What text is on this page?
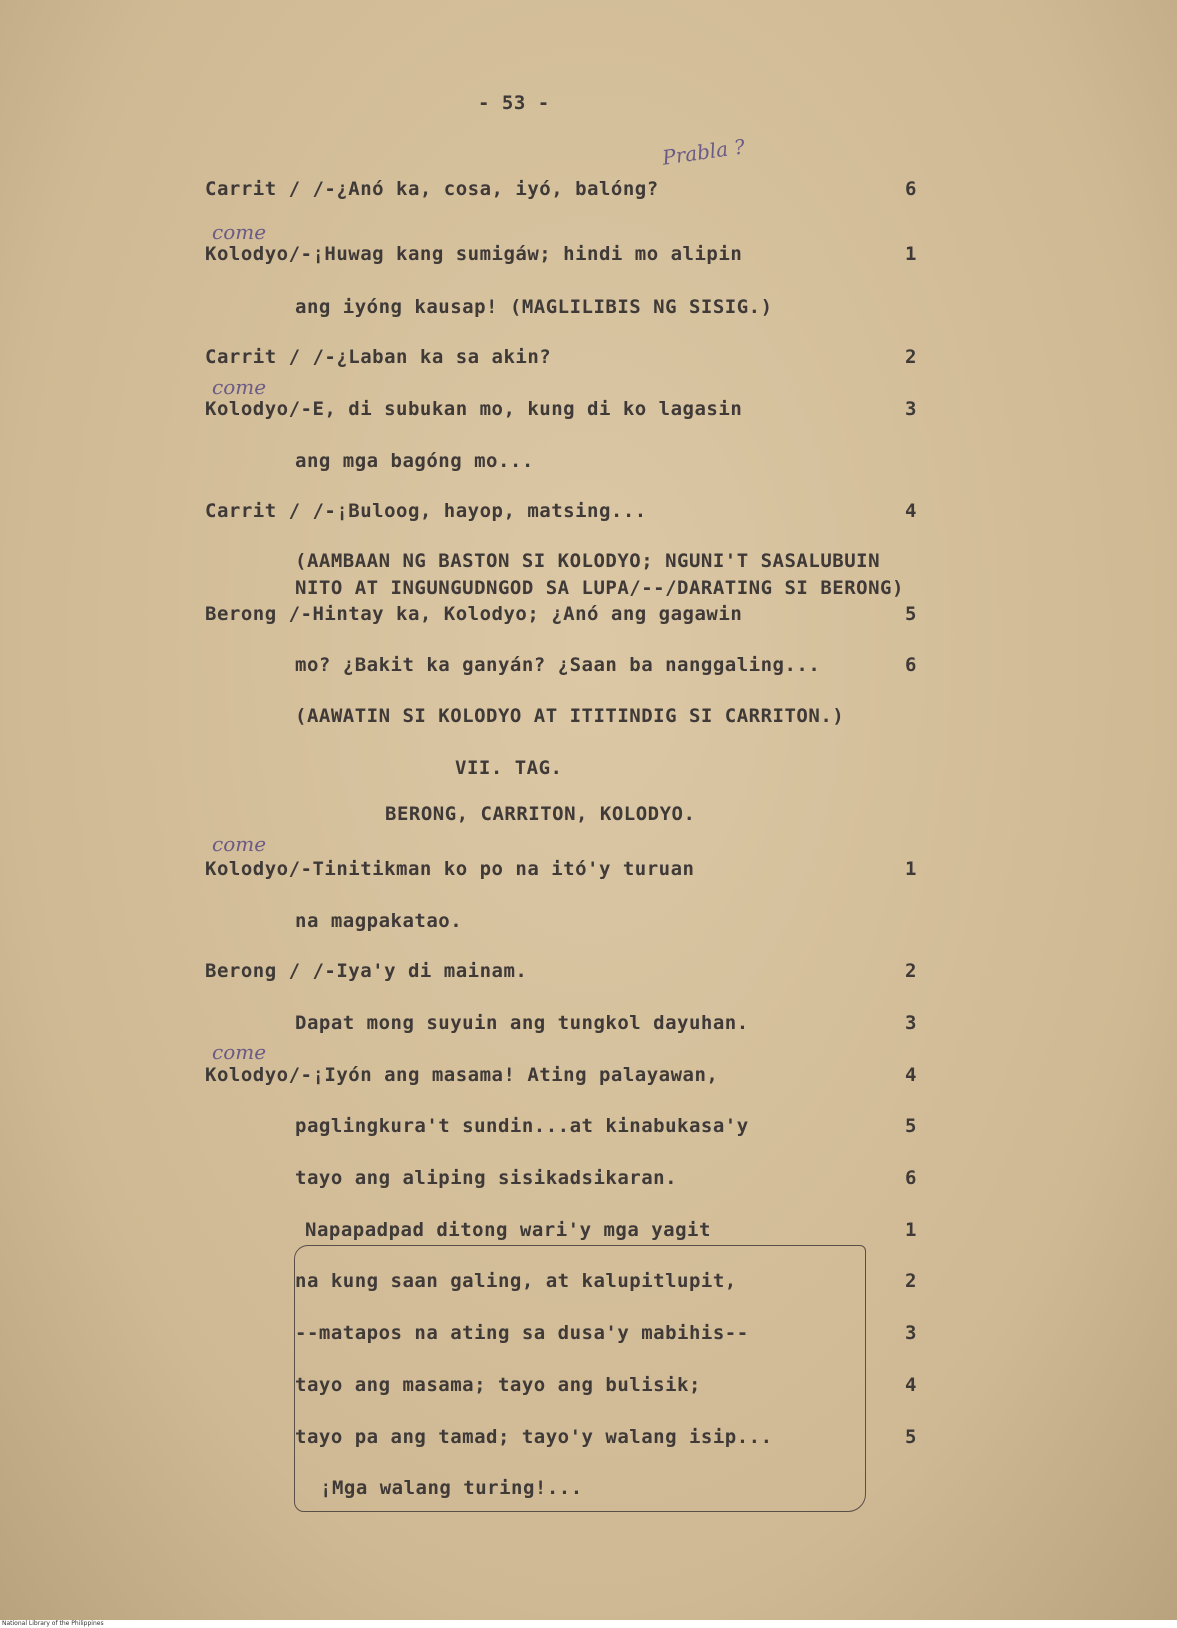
- 53 -
Prabla ?
come
come
come
come
Carrit / /-¿Anó ka, cosa, iyó, balóng?
Kolodyo/-¡Huwag kang sumigáw; hindi mo alipin
ang iyóng kausap! (MAGLILIBIS NG SISIG.)
Carrit / /-¿Laban ka sa akin?
Kolodyo/-E, di subukan mo, kung di ko lagasin
ang mga bagóng mo...
Carrit / /-¡Buloog, hayop, matsing...
(AAMBAAN NG BASTON SI KOLODYO; NGUNI'T SASALUBUIN
NITO AT INGUNGUDNGOD SA LUPA/--/DARATING SI BERONG)
Berong /-Hintay ka, Kolodyo; ¿Anó ang gagawin
mo? ¿Bakit ka ganyán? ¿Saan ba nanggaling...
(AAWATIN SI KOLODYO AT ITITINDIG SI CARRITON.)
VII. TAG.
BERONG, CARRITON, KOLODYO.
Kolodyo/-Tinitikman ko po na itó'y turuan
na magpakatao.
Berong / /-Iya'y di mainam.
Dapat mong suyuin ang tungkol dayuhan.
Kolodyo/-¡Iyón ang masama! Ating palayawan,
paglingkura't sundin...at kinabukasa'y
tayo ang aliping sisikadsikaran.
Napapadpad ditong wari'y mga yagit
na kung saan galing, at kalupitlupit,
--matapos na ating sa dusa'y mabihis--
tayo ang masama; tayo ang bulisik;
tayo pa ang tamad; tayo'y walang isip...
¡Mga walang turing!...
6
1
2
3
4
5
6
1
2
3
4
5
6
1
2
3
4
5
National Library of the Philippines
